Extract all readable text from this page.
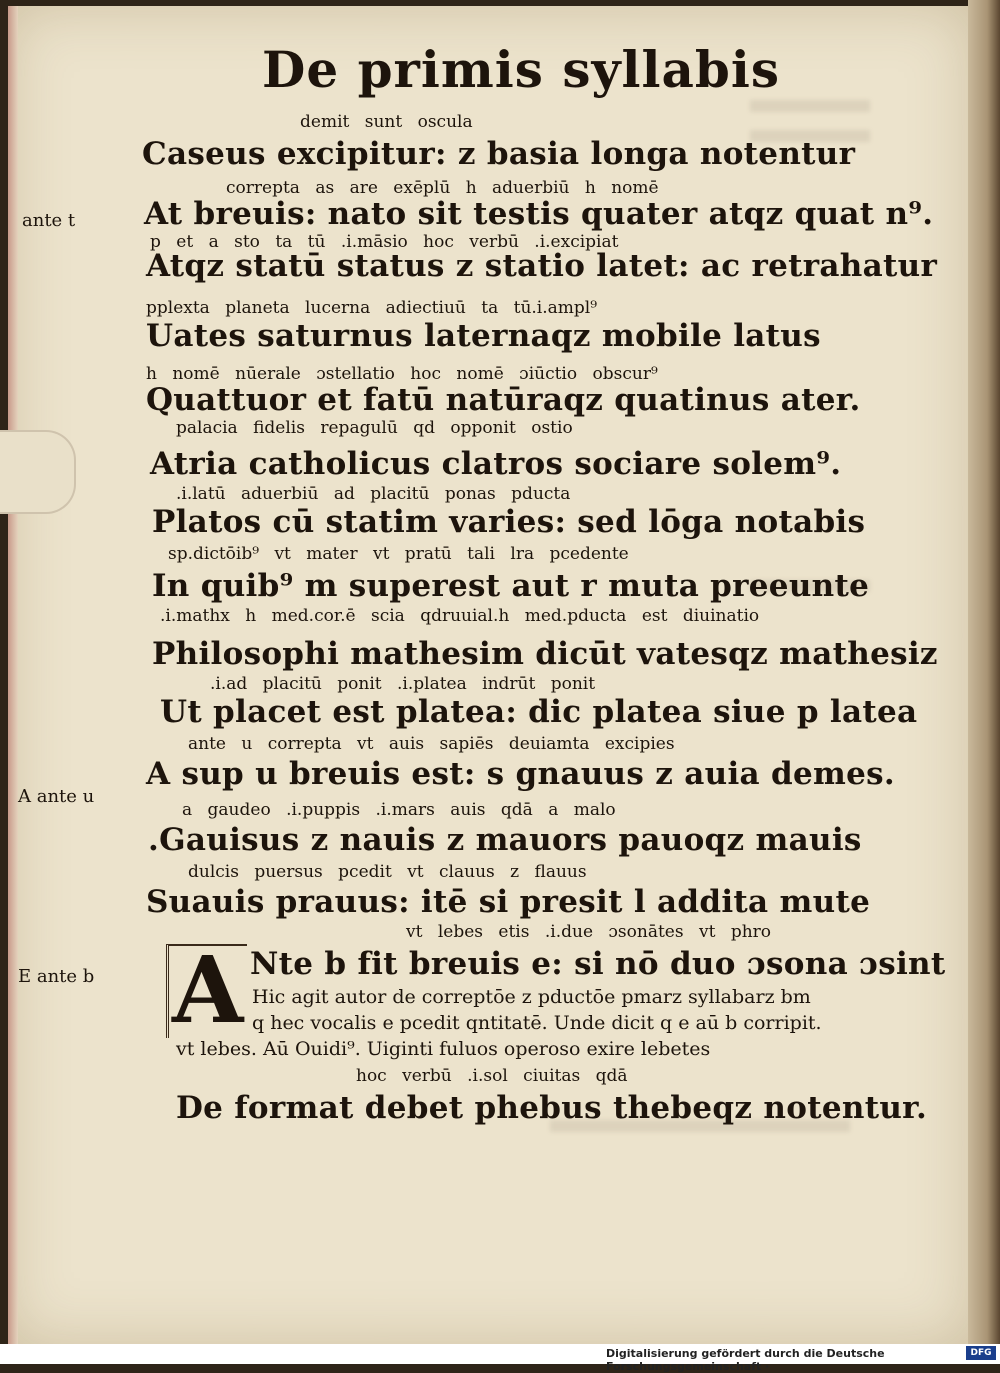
De primis syllabis
demit sunt oscula
Caseus excipitur: z basia longa notentur
correpta as are exēplū h aduerbiū h nomē
At breuis: nato sit testis quater atqz quat n⁹.
p et a sto ta tū .i.māsio hoc verbū .i.excipiat
Atqz statū status z statio latet: ac retrahatur
pplexta planeta lucerna adiectiuū ta tū.i.ampl⁹
Uates saturnus laternaqz mobile latus
h nomē nūerale ɔstellatio hoc nomē ɔiūctio obscur⁹
Quattuor et fatū natūraqz quatinus ater.
palacia fidelis repagulū qd opponit ostio
Atria catholicus clatros sociare solem⁹.
.i.latū aduerbiū ad placitū ponas pducta
Platos cū statim varies: sed lōga notabis
sp.dictōib⁹ vt mater vt pratū tali lra pcedente
In quib⁹ m superest aut r muta preeunte
.i.mathx h med.cor.ē scia qdruuial.h med.pducta est diuinatio
Philosophi mathesim dicūt vatesqz mathesiz
.i.ad placitū ponit .i.platea indrūt ponit
Ut placet est platea: dic platea siue p latea
ante u correpta vt auis sapiēs deuiamta excipies
A sup u breuis est: s gnauus z auia demes.
a gaudeo .i.puppis .i.mars auis qdā a malo
.Gauisus z nauis z mauors pauoqz mauis
dulcis puersus pcedit vt clauus z flauus
Suauis prauus: itē si presit l addita mute
vt lebes etis .i.due ɔsonātes vt phro
Nte b fit breuis e: si nō duo ɔsona ɔsint
Hic agit autor de correptōe z pductōe pmarz syllabarz bm
q hec vocalis e pcedit qntitatē. Unde dicit q e aū b corripit.
vt lebes. Aū Ouidi⁹. Uiginti fuluos operoso exire lebetes
hoc verbū .i.sol ciuitas qdā
De format debet phebus thebeqz notentur.
A
ante t
A ante u
E ante b
Digitalisierung gefördert durch die Deutsche Forschungsgemeinschaft ·
DFG
